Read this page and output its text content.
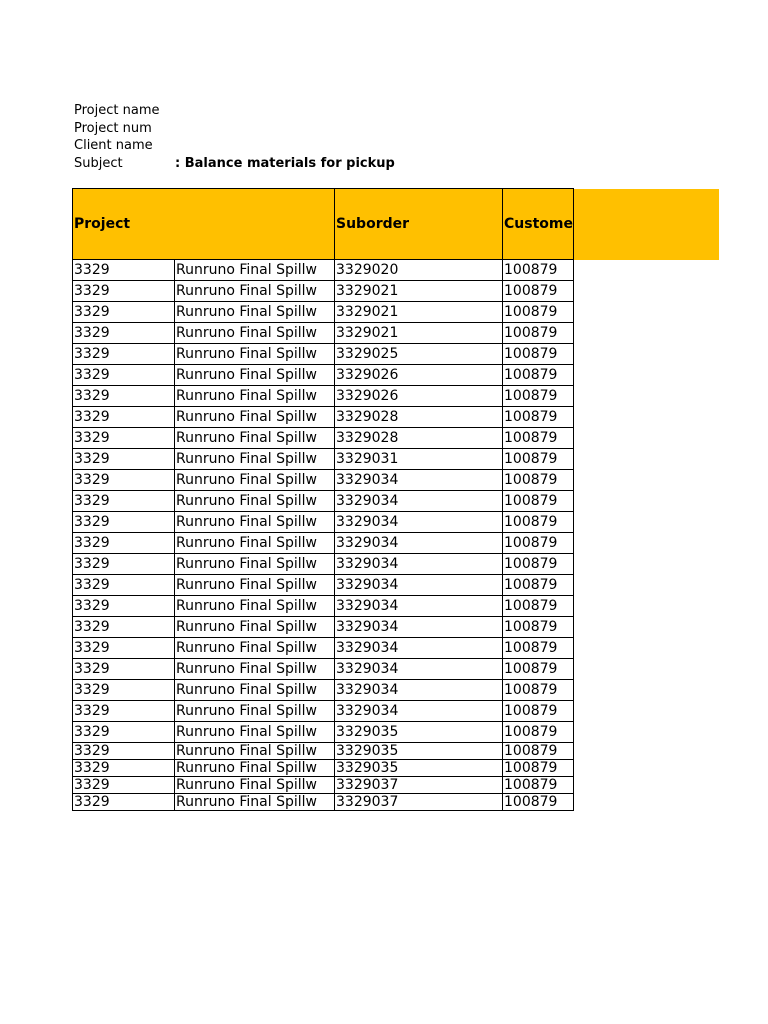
Project name
Project num
Client name
Subject	: Balance materials for pickup
Project		Suborder	Custome
3329	Runruno Final Spillw	3329020	100879
3329	Runruno Final Spillw	3329021	100879
3329	Runruno Final Spillw	3329021	100879
3329	Runruno Final Spillw	3329021	100879
3329	Runruno Final Spillw	3329025	100879
3329	Runruno Final Spillw	3329026	100879
3329	Runruno Final Spillw	3329026	100879
3329	Runruno Final Spillw	3329028	100879
3329	Runruno Final Spillw	3329028	100879
3329	Runruno Final Spillw	3329031	100879
3329	Runruno Final Spillw	3329034	100879
3329	Runruno Final Spillw	3329034	100879
3329	Runruno Final Spillw	3329034	100879
3329	Runruno Final Spillw	3329034	100879
3329	Runruno Final Spillw	3329034	100879
3329	Runruno Final Spillw	3329034	100879
3329	Runruno Final Spillw	3329034	100879
3329	Runruno Final Spillw	3329034	100879
3329	Runruno Final Spillw	3329034	100879
3329	Runruno Final Spillw	3329034	100879
3329	Runruno Final Spillw	3329034	100879
3329	Runruno Final Spillw	3329034	100879
3329	Runruno Final Spillw	3329035	100879
3329	Runruno Final Spillw	3329035	100879
3329	Runruno Final Spillw	3329035	100879
3329	Runruno Final Spillw	3329037	100879
3329	Runruno Final Spillw	3329037	100879
